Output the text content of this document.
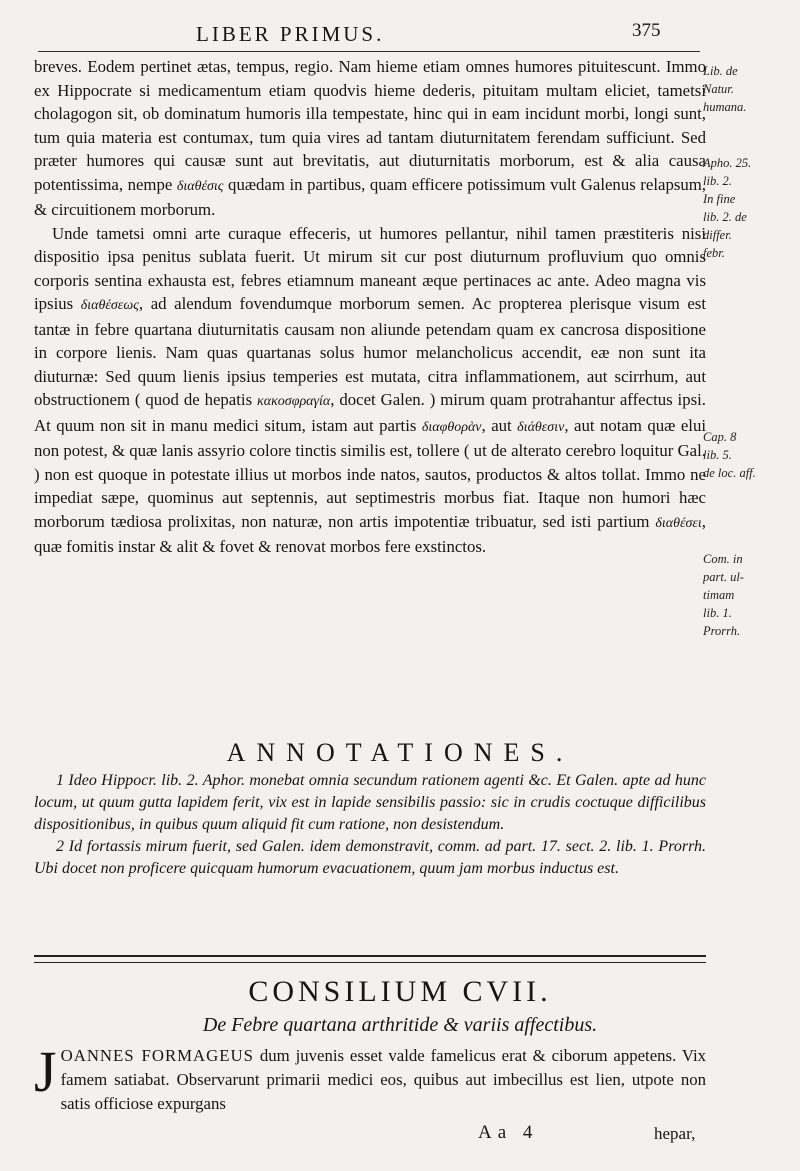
LIBER PRIMUS.	375

breves. Eodem pertinet ætas, tempus, regio. Nam hieme etiam omnes humores pituitescunt. Immo ex Hippocrate si medicamentum etiam quodvis hieme dederis, pituitam multam eliciet, tametsi cholagogon sit, ob dominatum humoris illa tempestate, hinc qui in eam incidunt morbi, longi sunt, tum quia materia est contumax, tum quia vires ad tantam diuturnitatem ferendam sufficiunt. Sed præter humores qui causæ sunt aut brevitatis, aut diuturnitatis morborum, est & alia causa potentissima, nempe διαθέσις quædam in partibus, quam efficere potissimum vult Galenus relapsum, & circuitionem morborum.

Unde tametsi omni arte curaque effeceris, ut humores pellantur, nihil tamen præstiteris nisi dispositio ipsa penitus sublata fuerit. Ut mirum sit cur post diuturnum profluvium quo omnis corporis sentina exhausta est, febres etiamnum maneant æque pertinaces ac ante. Adeo magna vis ipsius διαθέσεως, ad alendum fovendumque morborum semen. Ac propterea plerisque visum est tantæ in febre quartana diuturnitatis causam non aliunde petendam quam ex cancrosa dispositione in corpore lienis. Nam quas quartanas solus humor melancholicus accendit, eæ non sunt ita diuturnæ: Sed quum lienis ipsius temperies est mutata, citra inflammationem, aut scirrhum, aut obstructionem ( quod de hepatis κακοσφραγία, docet Galen. ) mirum quam protrahantur affectus ipsi. At quum non sit in manu medici situm, istam aut partis διαφθορὰν, aut διάθεσιν, aut notam quæ elui non potest, & quæ lanis assyrio colore tinctis similis est, tollere ( ut de alterato cerebro loquitur Gal. ) non est quoque in potestate illius ut morbos inde natos, sautos, productos & altos tollat. Immo ne impediat sæpe, quominus aut septennis, aut septimestris morbus fiat. Itaque non humori hæc morborum tædiosa prolixitas, non naturæ, non artis impotentiæ tribuatur, sed isti partium διαθέσει, quæ fomitis instar & alit & fovet & renovat morbos fere exstinctos.

Lib. de
Natur.
humana.
Apho. 25.
lib. 2.
In fine
lib. 2. de
differ.
febr.
Cap. 8
lib. 5.
de loc. aff.
Com. in
part. ul-
timam
lib. 1.
Prorrh.
ANNOTATIONES.

1 Ideo Hippocr. lib. 2. Aphor. monebat omnia secundum rationem agenti &c. Et Galen. apte ad hunc locum, ut quum gutta lapidem ferit, vix est in lapide sensibilis passio: sic in crudis coctuque difficilibus dispositionibus, in quibus quum aliquid fit cum ratione, non desistendum.

2 Id fortassis mirum fuerit, sed Galen. idem demonstravit, comm. ad part. 17. sect. 2. lib. 1. Prorrh. Ubi docet non proficere quicquam humorum evacuationem, quum jam morbus inductus est.

CONSILIUM CVII.
De Febre quartana arthritide & variis affectibus.
JOANNES FORMAGEUS dum juvenis esset valde famelicus erat & ciborum appetens. Vix famem satiabat. Observarunt primarii medici eos, quibus aut imbecillus est lien, utpote non satis officiose expurgans
Aa 4	hepar,
